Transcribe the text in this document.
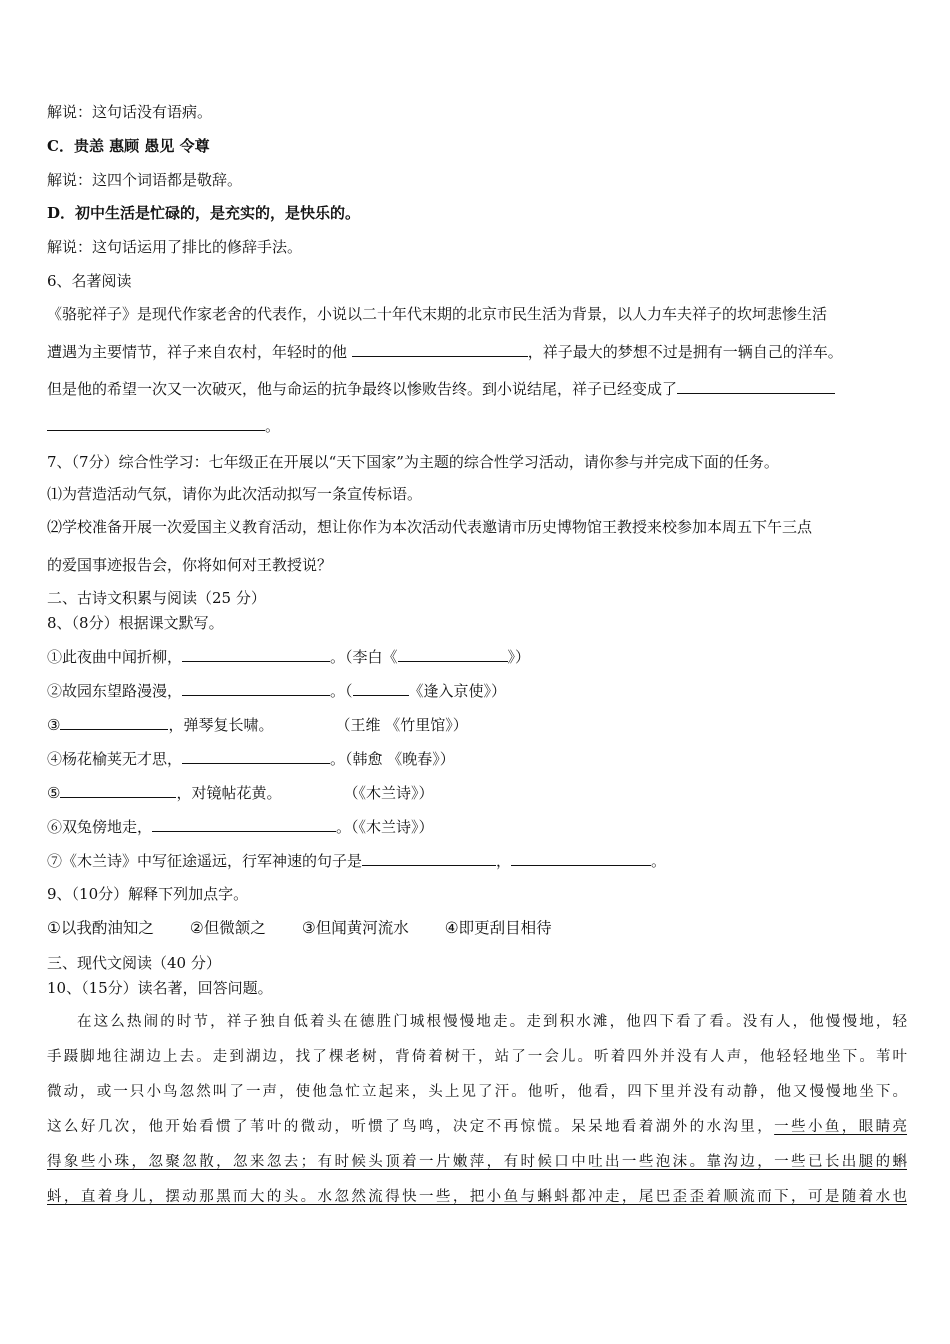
解说：这句话没有语病。
C．贵恙 惠顾 愚见 令尊
解说：这四个词语都是敬辞。
D．初中生活是忙碌的，是充实的，是快乐的。
解说：这句话运用了排比的修辞手法。
6、名著阅读
《骆驼祥子》是现代作家老舍的代表作，小说以二十年代末期的北京市民生活为背景，以人力车夫祥子的坎坷悲惨生活
遭遇为主要情节，祥子来自农村，年轻时的他	，祥子最大的梦想不过是拥有一辆自己的洋车。
但是他的希望一次又一次破灭，他与命运的抗争最终以惨败告终。到小说结尾，祥子已经变成了
。
7、（7分）综合性学习：七年级正在开展以“天下国家”为主题的综合性学习活动，请你参与并完成下面的任务。
⑴为营造活动气氛，请你为此次活动拟写一条宣传标语。
⑵学校准备开展一次爱国主义教育活动，想让你作为本次活动代表邀请市历史博物馆王教授来校参加本周五下午三点
的爱国事迹报告会，你将如何对王教授说？
二、古诗文积累与阅读（25 分）
8、（8分）根据课文默写。
①此夜曲中闻折柳，	。（李白《	》）
②故园东望路漫漫，	。（	《逢入京使》）
③	，弹琴复长啸。	（王维 《竹里馆》）
④杨花榆荚无才思，	。（韩愈 《晚春》）
⑤	，对镜帖花黄。	（《木兰诗》）
⑥双兔傍地走，	。（《木兰诗》）
⑦《木兰诗》中写征途遥远，行军神速的句子是	，	。
9、（10分）解释下列加点字。
①以我酌油知之 ②但微颔之 ③但闻黄河流水 ④即更刮目相待
三、现代文阅读（40 分）
10、（15分）读名著，回答问题。
在这么热闹的时节，祥子独自低着头在德胜门城根慢慢地走。走到积水滩，他四下看了看。没有人，他慢慢地，轻
手蹑脚地往湖边上去。走到湖边，找了棵老树，背倚着树干，站了一会儿。听着四外并没有人声，他轻轻地坐下。苇叶
微动，或一只小鸟忽然叫了一声，使他急忙立起来，头上见了汗。他听，他看，四下里并没有动静，他又慢慢地坐下。
这么好几次，他开始看惯了苇叶的微动，听惯了鸟鸣，决定不再惊慌。呆呆地看着湖外的水沟里，一些小鱼，眼睛亮
得象些小珠，忽聚忽散，忽来忽去；有时候头顶着一片嫩萍，有时候口中吐出一些泡沫。靠沟边，一些已长出腿的蝌
蚪，直着身儿，摆动那黑而大的头。水忽然流得快一些，把小鱼与蝌蚪都冲走，尾巴歪歪着顺流而下，可是随着水也
